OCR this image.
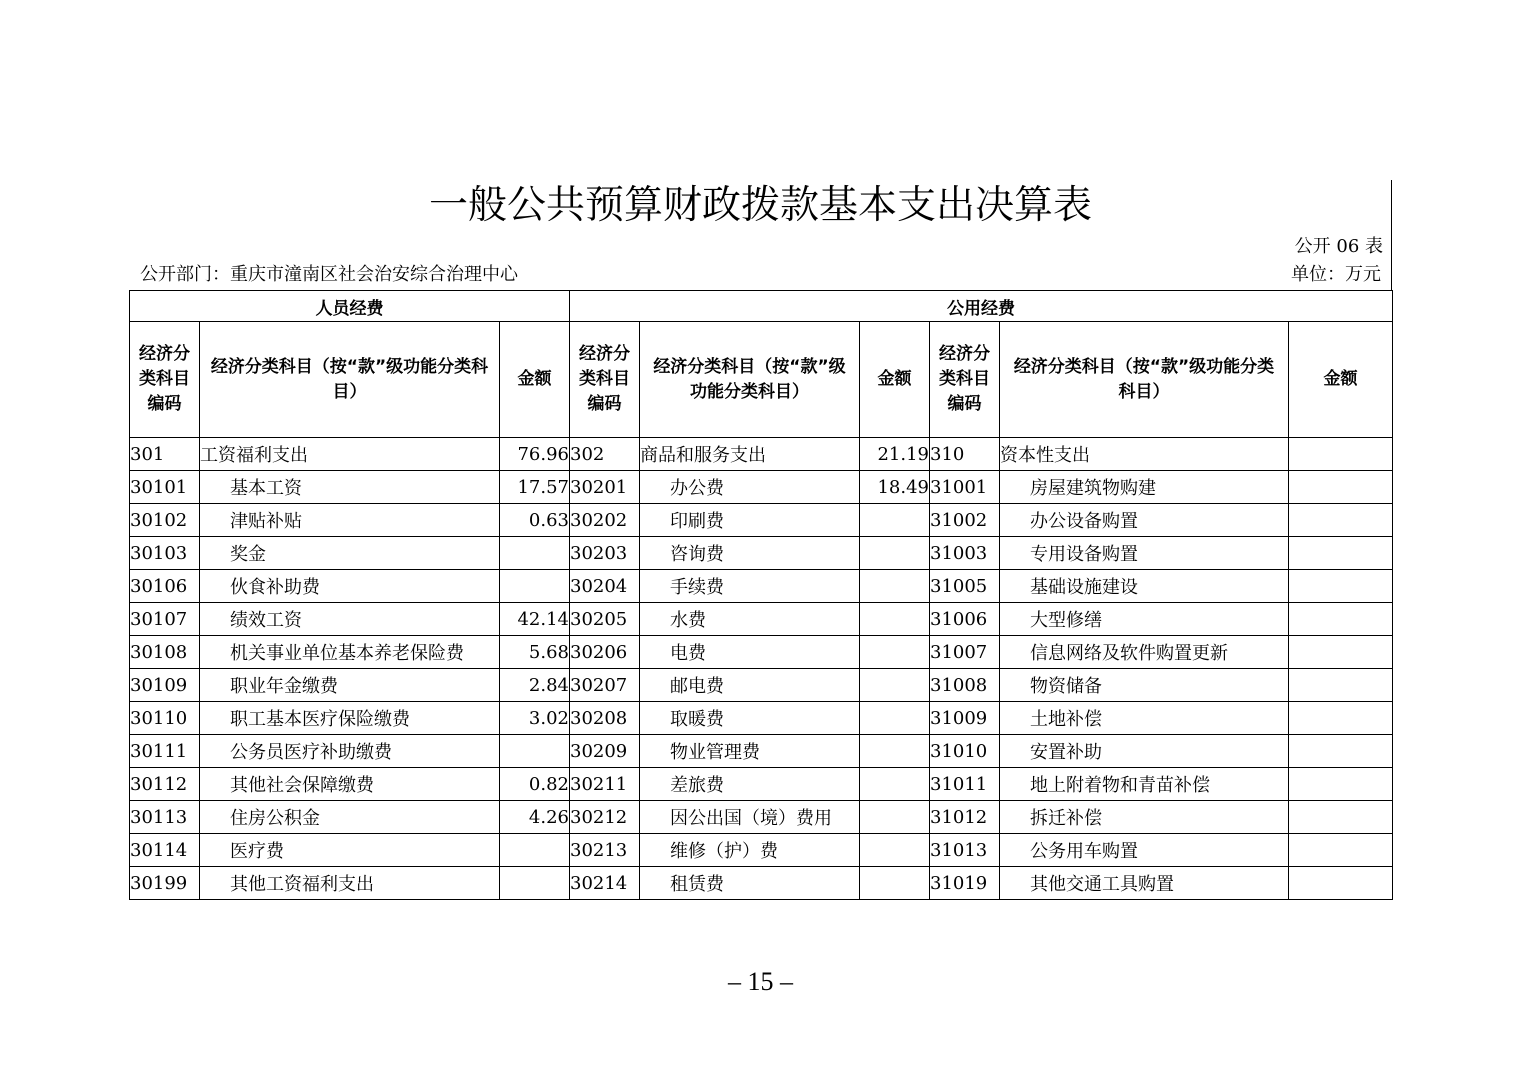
一般公共预算财政拨款基本支出决算表
公开 06 表
公开部门：重庆市潼南区社会治安综合治理中心	单位：万元
人员经费			公用经费					
经济分类科目编码	经济分类科目（按“款”级功能分类科目）	金额	经济分类科目编码	经济分类科目（按“款”级功能分类科目）	金额	经济分类科目编码	经济分类科目（按“款”级功能分类科目）	金额
301	工资福利支出	76.96	302	商品和服务支出	21.19	310	资本性支出	
30101	基本工资	17.57	30201	办公费	18.49	31001	房屋建筑物购建	
30102	津贴补贴	0.63	30202	印刷费		31002	办公设备购置	
30103	奖金		30203	咨询费		31003	专用设备购置	
30106	伙食补助费		30204	手续费		31005	基础设施建设	
30107	绩效工资	42.14	30205	水费		31006	大型修缮	
30108	机关事业单位基本养老保险费	5.68	30206	电费		31007	信息网络及软件购置更新	
30109	职业年金缴费	2.84	30207	邮电费		31008	物资储备	
30110	职工基本医疗保险缴费	3.02	30208	取暖费		31009	土地补偿	
30111	公务员医疗补助缴费		30209	物业管理费		31010	安置补助	
30112	其他社会保障缴费	0.82	30211	差旅费		31011	地上附着物和青苗补偿	
30113	住房公积金	4.26	30212	因公出国（境）费用		31012	拆迁补偿	
30114	医疗费		30213	维修（护）费		31013	公务用车购置	
30199	其他工资福利支出		30214	租赁费		31019	其他交通工具购置	
– 15 –
